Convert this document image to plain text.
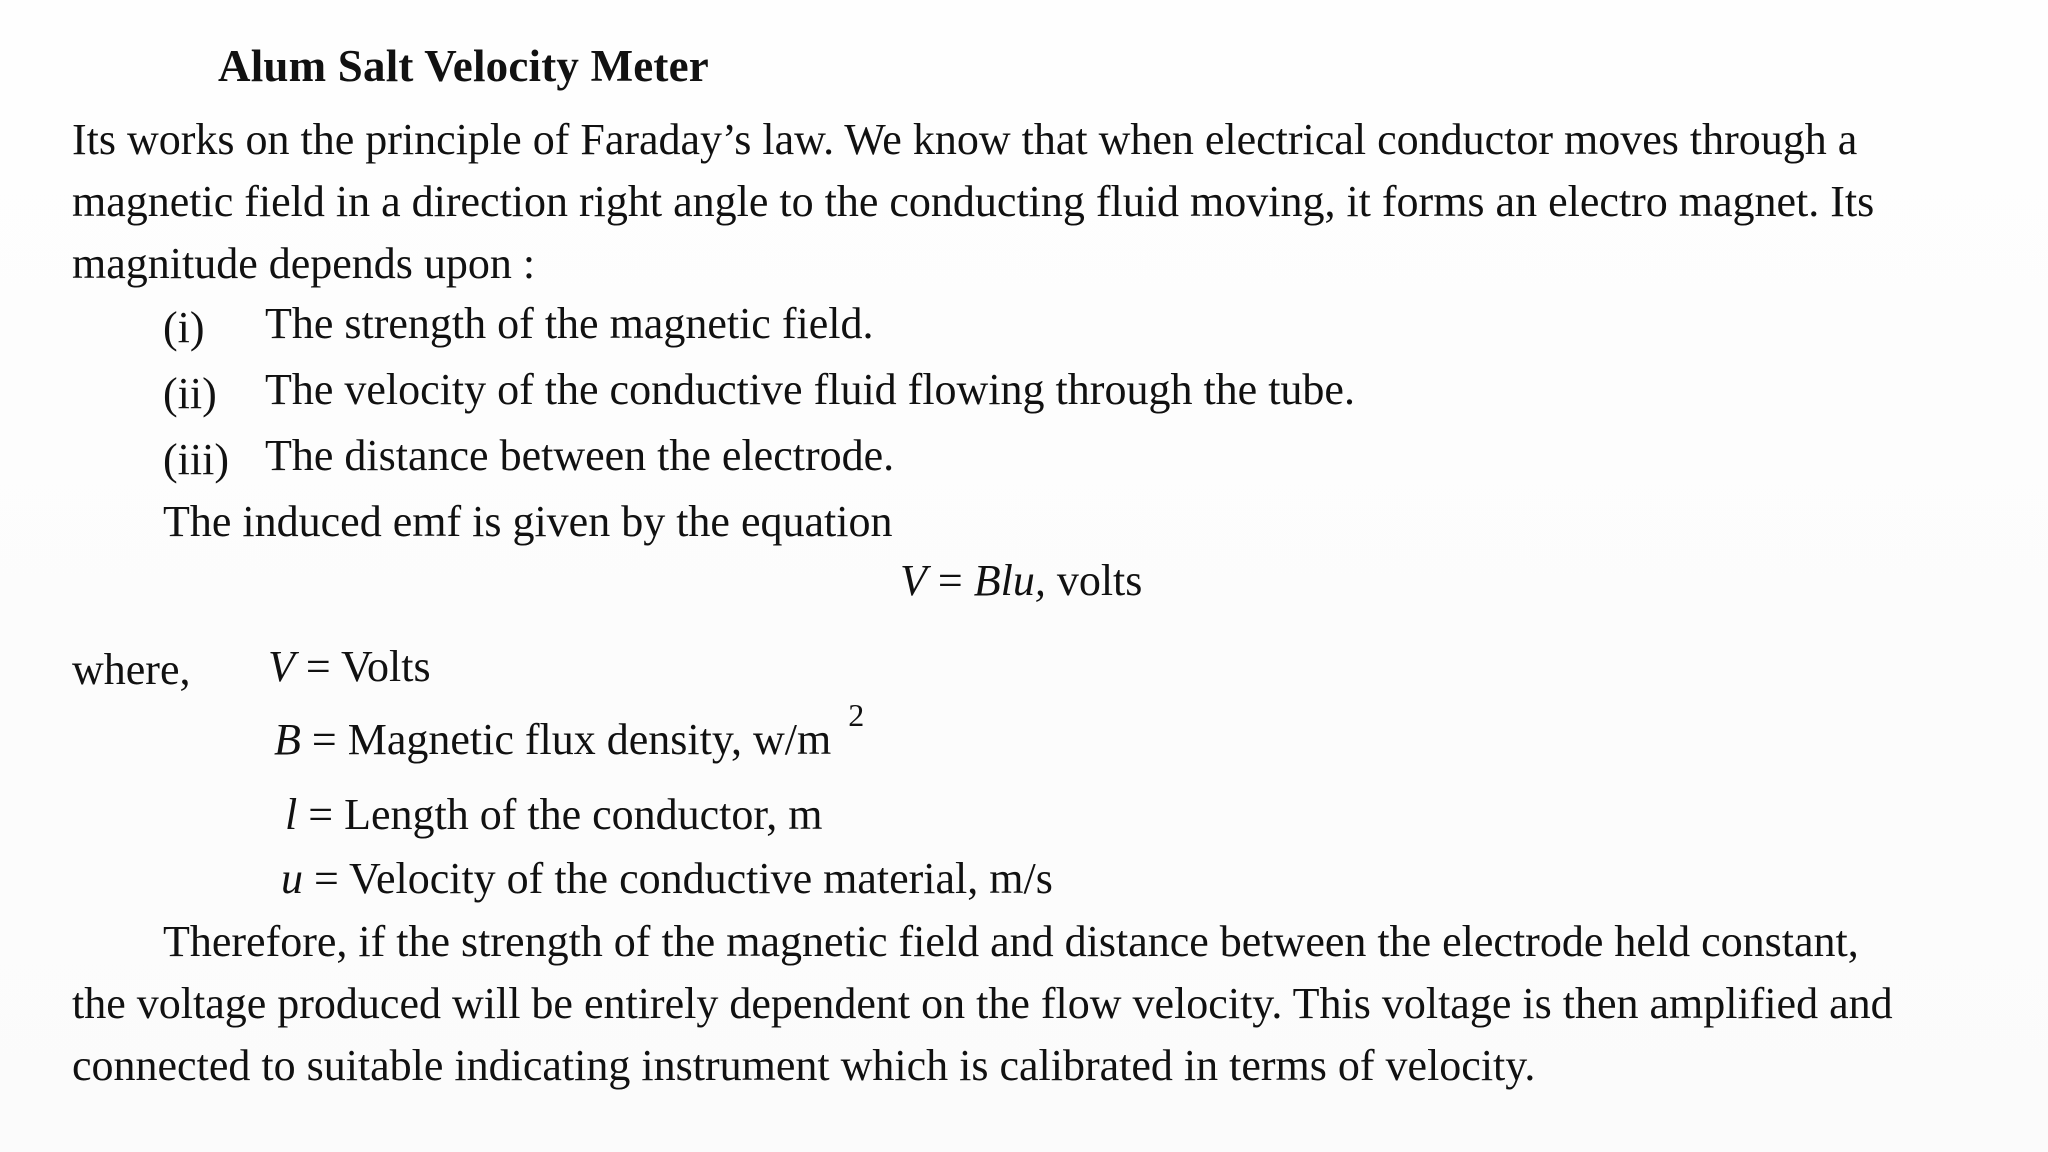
Alum Salt Velocity Meter
Its works on the principle of Faraday’s law. We know that when electrical conductor moves through a
magnetic field in a direction right angle to the conducting fluid moving, it forms an electro magnet. Its
magnitude depends upon :
(i) The strength of the magnetic field.
(ii) The velocity of the conductive fluid flowing through the tube.
(iii) The distance between the electrode.
The induced emf is given by the equation
V = Blu, volts
where, V = Volts
B = Magnetic flux density, w/m $^2$
l = Length of the conductor, m
u = Velocity of the conductive material, m/s
Therefore, if the strength of the magnetic field and distance between the electrode held constant,
the voltage produced will be entirely dependent on the flow velocity. This voltage is then amplified and
connected to suitable indicating instrument which is calibrated in terms of velocity.
